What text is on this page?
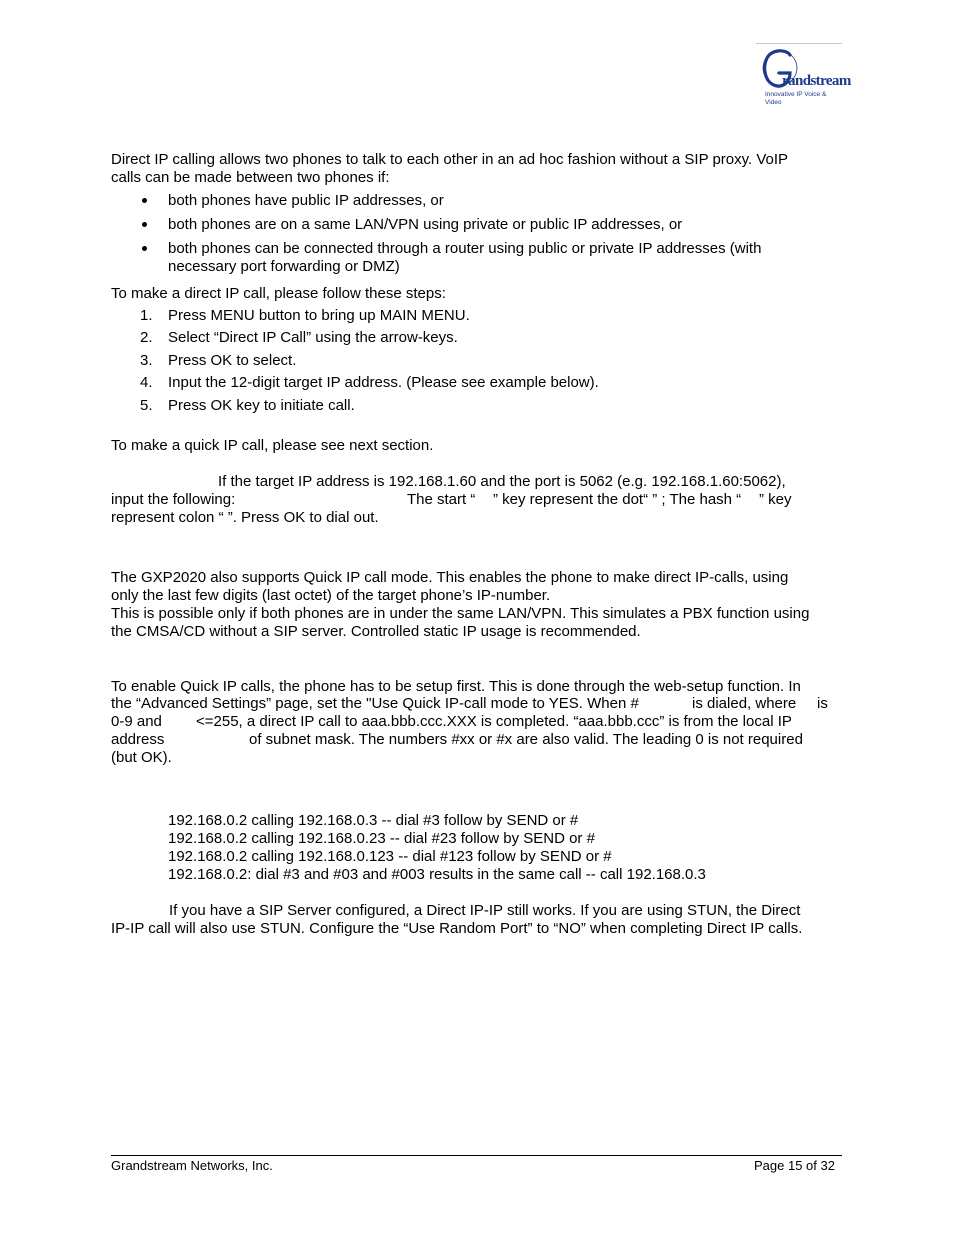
randstream
Innovative IP Voice & Video
Direct IP calling allows two phones to talk to each other in an ad hoc fashion without a SIP proxy. VoIP
calls can be made between two phones if:
both phones have public IP addresses, or
both phones are on a same LAN/VPN using private or public IP addresses, or
both phones can be connected through a router using public or private IP addresses (with
necessary port forwarding or DMZ)
To make a direct IP call, please follow these steps:
1. Press MENU button to bring up MAIN MENU.
2. Select “Direct IP Call” using the arrow-keys.
3. Press OK to select.
4. Input the 12-digit target IP address. (Please see example below).
5. Press OK key to initiate call.
To make a quick IP call, please see next section.
If the target IP address is 192.168.1.60 and the port is 5062 (e.g. 192.168.1.60:5062),
input the following:	The start “ ” key represent the dot“ ” ; The hash “ ” key
represent colon “ ”. Press OK to dial out.
The GXP2020 also supports Quick IP call mode. This enables the phone to make direct IP-calls, using
only the last few digits (last octet) of the target phone’s IP-number.
This is possible only if both phones are in under the same LAN/VPN. This simulates a PBX function using
the CMSA/CD without a SIP server. Controlled static IP usage is recommended.
To enable Quick IP calls, the phone has to be setup first. This is done through the web-setup function. In
the “Advanced Settings” page, set the "Use Quick IP-call mode to YES. When #	is dialed, where is
0-9 and <=255, a direct IP call to aaa.bbb.ccc.XXX is completed. “aaa.bbb.ccc” is from the local IP
address	of subnet mask. The numbers #xx or #x are also valid. The leading 0 is not required
(but OK).
192.168.0.2 calling 192.168.0.3 -- dial #3 follow by SEND or #
192.168.0.2 calling 192.168.0.23 -- dial #23 follow by SEND or #
192.168.0.2 calling 192.168.0.123 -- dial #123 follow by SEND or #
192.168.0.2: dial #3 and #03 and #003 results in the same call -- call 192.168.0.3
If you have a SIP Server configured, a Direct IP-IP still works. If you are using STUN, the Direct
IP-IP call will also use STUN. Configure the “Use Random Port” to “NO” when completing Direct IP calls.
Grandstream Networks, Inc.	Page 15 of 32
